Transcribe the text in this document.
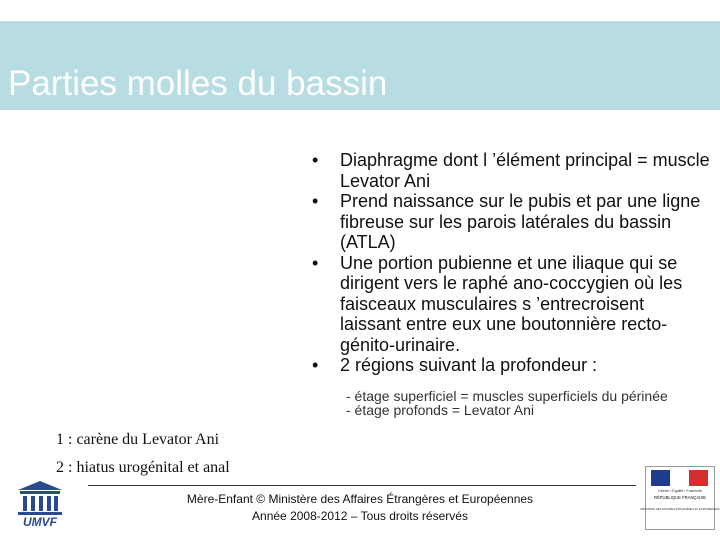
Parties molles du bassin
• Diaphragme dont l ’élément principal = muscle Levator Ani
• Prend naissance sur le pubis et par une ligne fibreuse sur les parois latérales du bassin (ATLA)
• Une portion pubienne et une iliaque qui se dirigent vers le raphé ano-coccygien où les faisceaux musculaires s ’entrecroisent laissant entre eux une boutonnière recto-génito-urinaire.
• 2 régions suivant la profondeur :
- étage superficiel = muscles superficiels du périnée
- étage profonds = Levator Ani
1 : carène du Levator Ani
2 : hiatus urogénital et anal
Mère-Enfant © Ministère des Affaires Étrangères et Européennes
Année 2008-2012 – Tous droits réservés
UMVF
Liberté • Égalité • Fraternité
RÉPUBLIQUE FRANÇAISE
MINISTÈRE DES AFFAIRES ÉTRANGÈRES ET EUROPÉENNES
